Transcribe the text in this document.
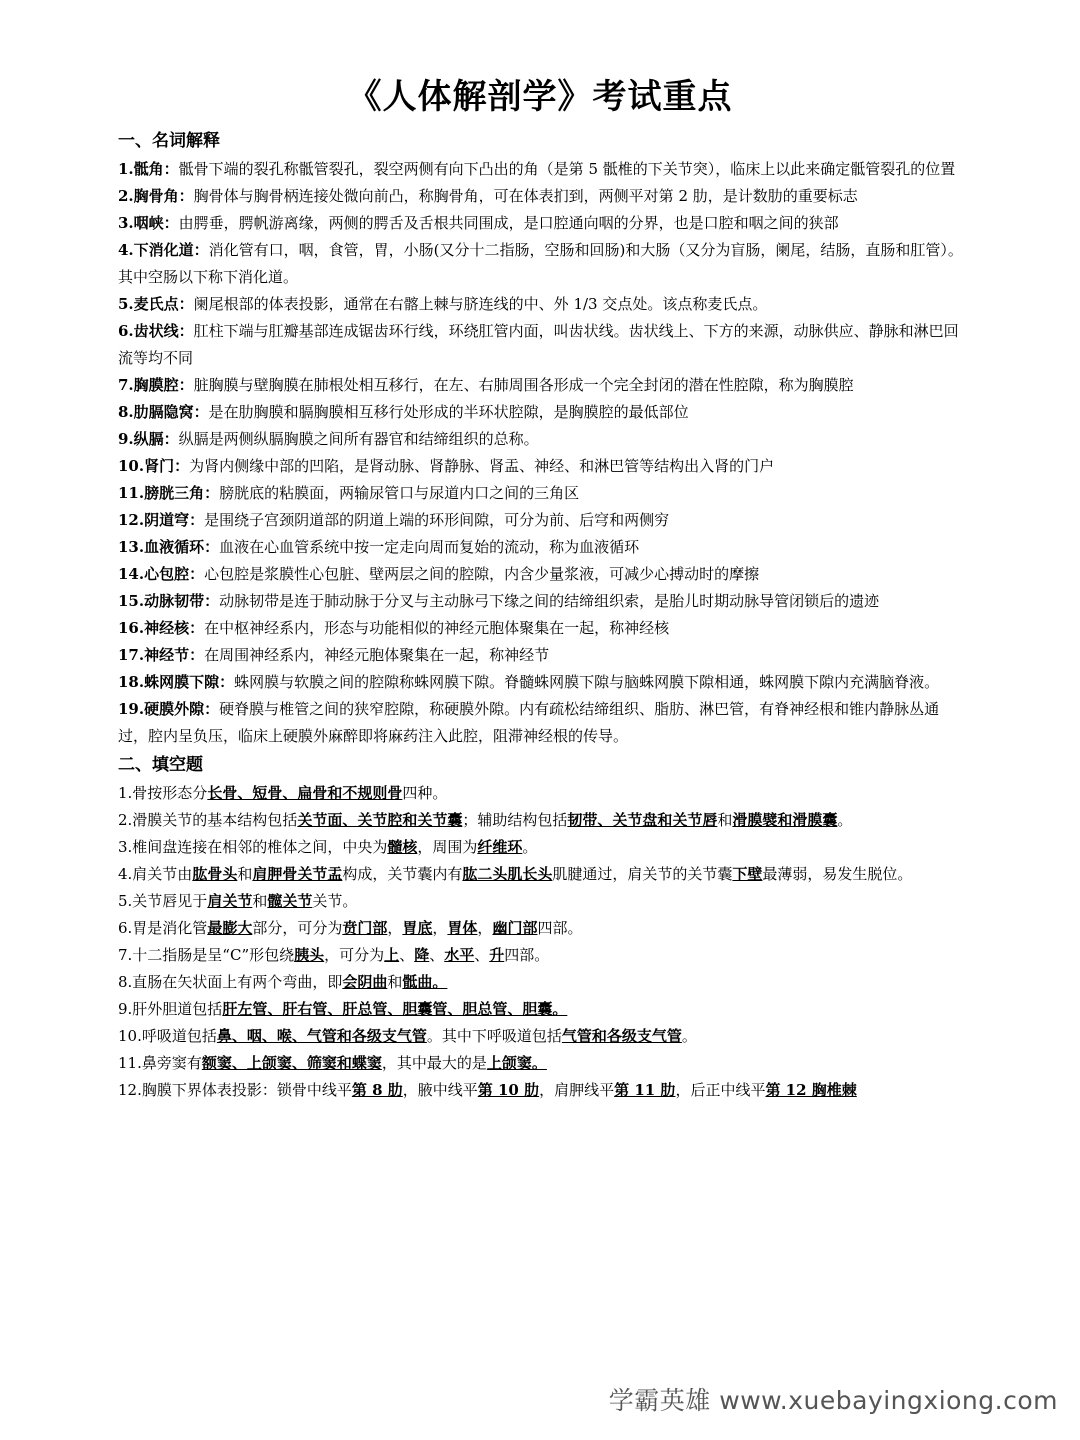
《人体解剖学》考试重点
一、名词解释
1.骶角：骶骨下端的裂孔称骶管裂孔，裂空两侧有向下凸出的角（是第 5 骶椎的下关节突），临床上以此来确定骶管裂孔的位置
2.胸骨角：胸骨体与胸骨柄连接处微向前凸，称胸骨角，可在体表扪到，两侧平对第 2 肋，是计数肋的重要标志
3.咽峡：由腭垂，腭帆游离缘，两侧的腭舌及舌根共同围成，是口腔通向咽的分界，也是口腔和咽之间的狭部
4.下消化道：消化管有口，咽，食管，胃，小肠(又分十二指肠，空肠和回肠)和大肠（又分为盲肠，阑尾，结肠，直肠和肛管）。其中空肠以下称下消化道。
5.麦氏点：阑尾根部的体表投影，通常在右髂上棘与脐连线的中、外 1/3 交点处。该点称麦氏点。
6.齿状线：肛柱下端与肛瓣基部连成锯齿环行线，环绕肛管内面，叫齿状线。齿状线上、下方的来源，动脉供应、静脉和淋巴回流等均不同
7.胸膜腔：脏胸膜与壁胸膜在肺根处相互移行，在左、右肺周围各形成一个完全封闭的潜在性腔隙，称为胸膜腔
8.肋膈隐窝：是在肋胸膜和膈胸膜相互移行处形成的半环状腔隙，是胸膜腔的最低部位
9.纵膈：纵膈是两侧纵膈胸膜之间所有器官和结缔组织的总称。
10.肾门：为肾内侧缘中部的凹陷，是肾动脉、肾静脉、肾盂、神经、和淋巴管等结构出入肾的门户
11.膀胱三角：膀胱底的粘膜面，两输尿管口与尿道内口之间的三角区
12.阴道穹：是围绕子宫颈阴道部的阴道上端的环形间隙，可分为前、后穹和两侧穷
13.血液循环：血液在心血管系统中按一定走向周而复始的流动，称为血液循环
14.心包腔：心包腔是浆膜性心包脏、壁两层之间的腔隙，内含少量浆液，可减少心搏动时的摩擦
15.动脉韧带：动脉韧带是连于肺动脉于分叉与主动脉弓下缘之间的结缔组织索，是胎儿时期动脉导管闭锁后的遗迹
16.神经核：在中枢神经系内，形态与功能相似的神经元胞体聚集在一起，称神经核
17.神经节：在周围神经系内，神经元胞体聚集在一起，称神经节
18.蛛网膜下隙：蛛网膜与软膜之间的腔隙称蛛网膜下隙。脊髓蛛网膜下隙与脑蛛网膜下隙相通，蛛网膜下隙内充满脑脊液。
19.硬膜外隙：硬脊膜与椎管之间的狭窄腔隙，称硬膜外隙。内有疏松结缔组织、脂肪、淋巴管，有脊神经根和锥内静脉丛通过，腔内呈负压，临床上硬膜外麻醉即将麻药注入此腔，阻滞神经根的传导。
二、填空题
1.骨按形态分长骨、短骨、扁骨和不规则骨四种。
2.滑膜关节的基本结构包括关节面、关节腔和关节囊；辅助结构包括韧带、关节盘和关节唇和滑膜襞和滑膜囊。
3.椎间盘连接在相邻的椎体之间，中央为髓核，周围为纤维环。
4.肩关节由肱骨头和肩胛骨关节盂构成，关节囊内有肱二头肌长头肌腱通过，肩关节的关节囊下壁最薄弱，易发生脱位。
5.关节唇见于肩关节和髋关节关节。
6.胃是消化管最膨大部分，可分为贲门部，胃底，胃体，幽门部四部。
7.十二指肠是呈“C”形包绕胰头，可分为上、降、水平、升四部。
8.直肠在矢状面上有两个弯曲，即会阴曲和骶曲。
9.肝外胆道包括肝左管、肝右管、肝总管、胆囊管、胆总管、胆囊。
10.呼吸道包括鼻、咽、喉、气管和各级支气管。其中下呼吸道包括气管和各级支气管。
11.鼻旁窦有额窦、上颌窦、筛窦和蝶窦，其中最大的是上颌窦。
12.胸膜下界体表投影：锁骨中线平第 8 肋，腋中线平第 10 肋，肩胛线平第 11 肋，后正中线平第 12 胸椎棘
学霸英雄 www.xuebayingxiong.com
